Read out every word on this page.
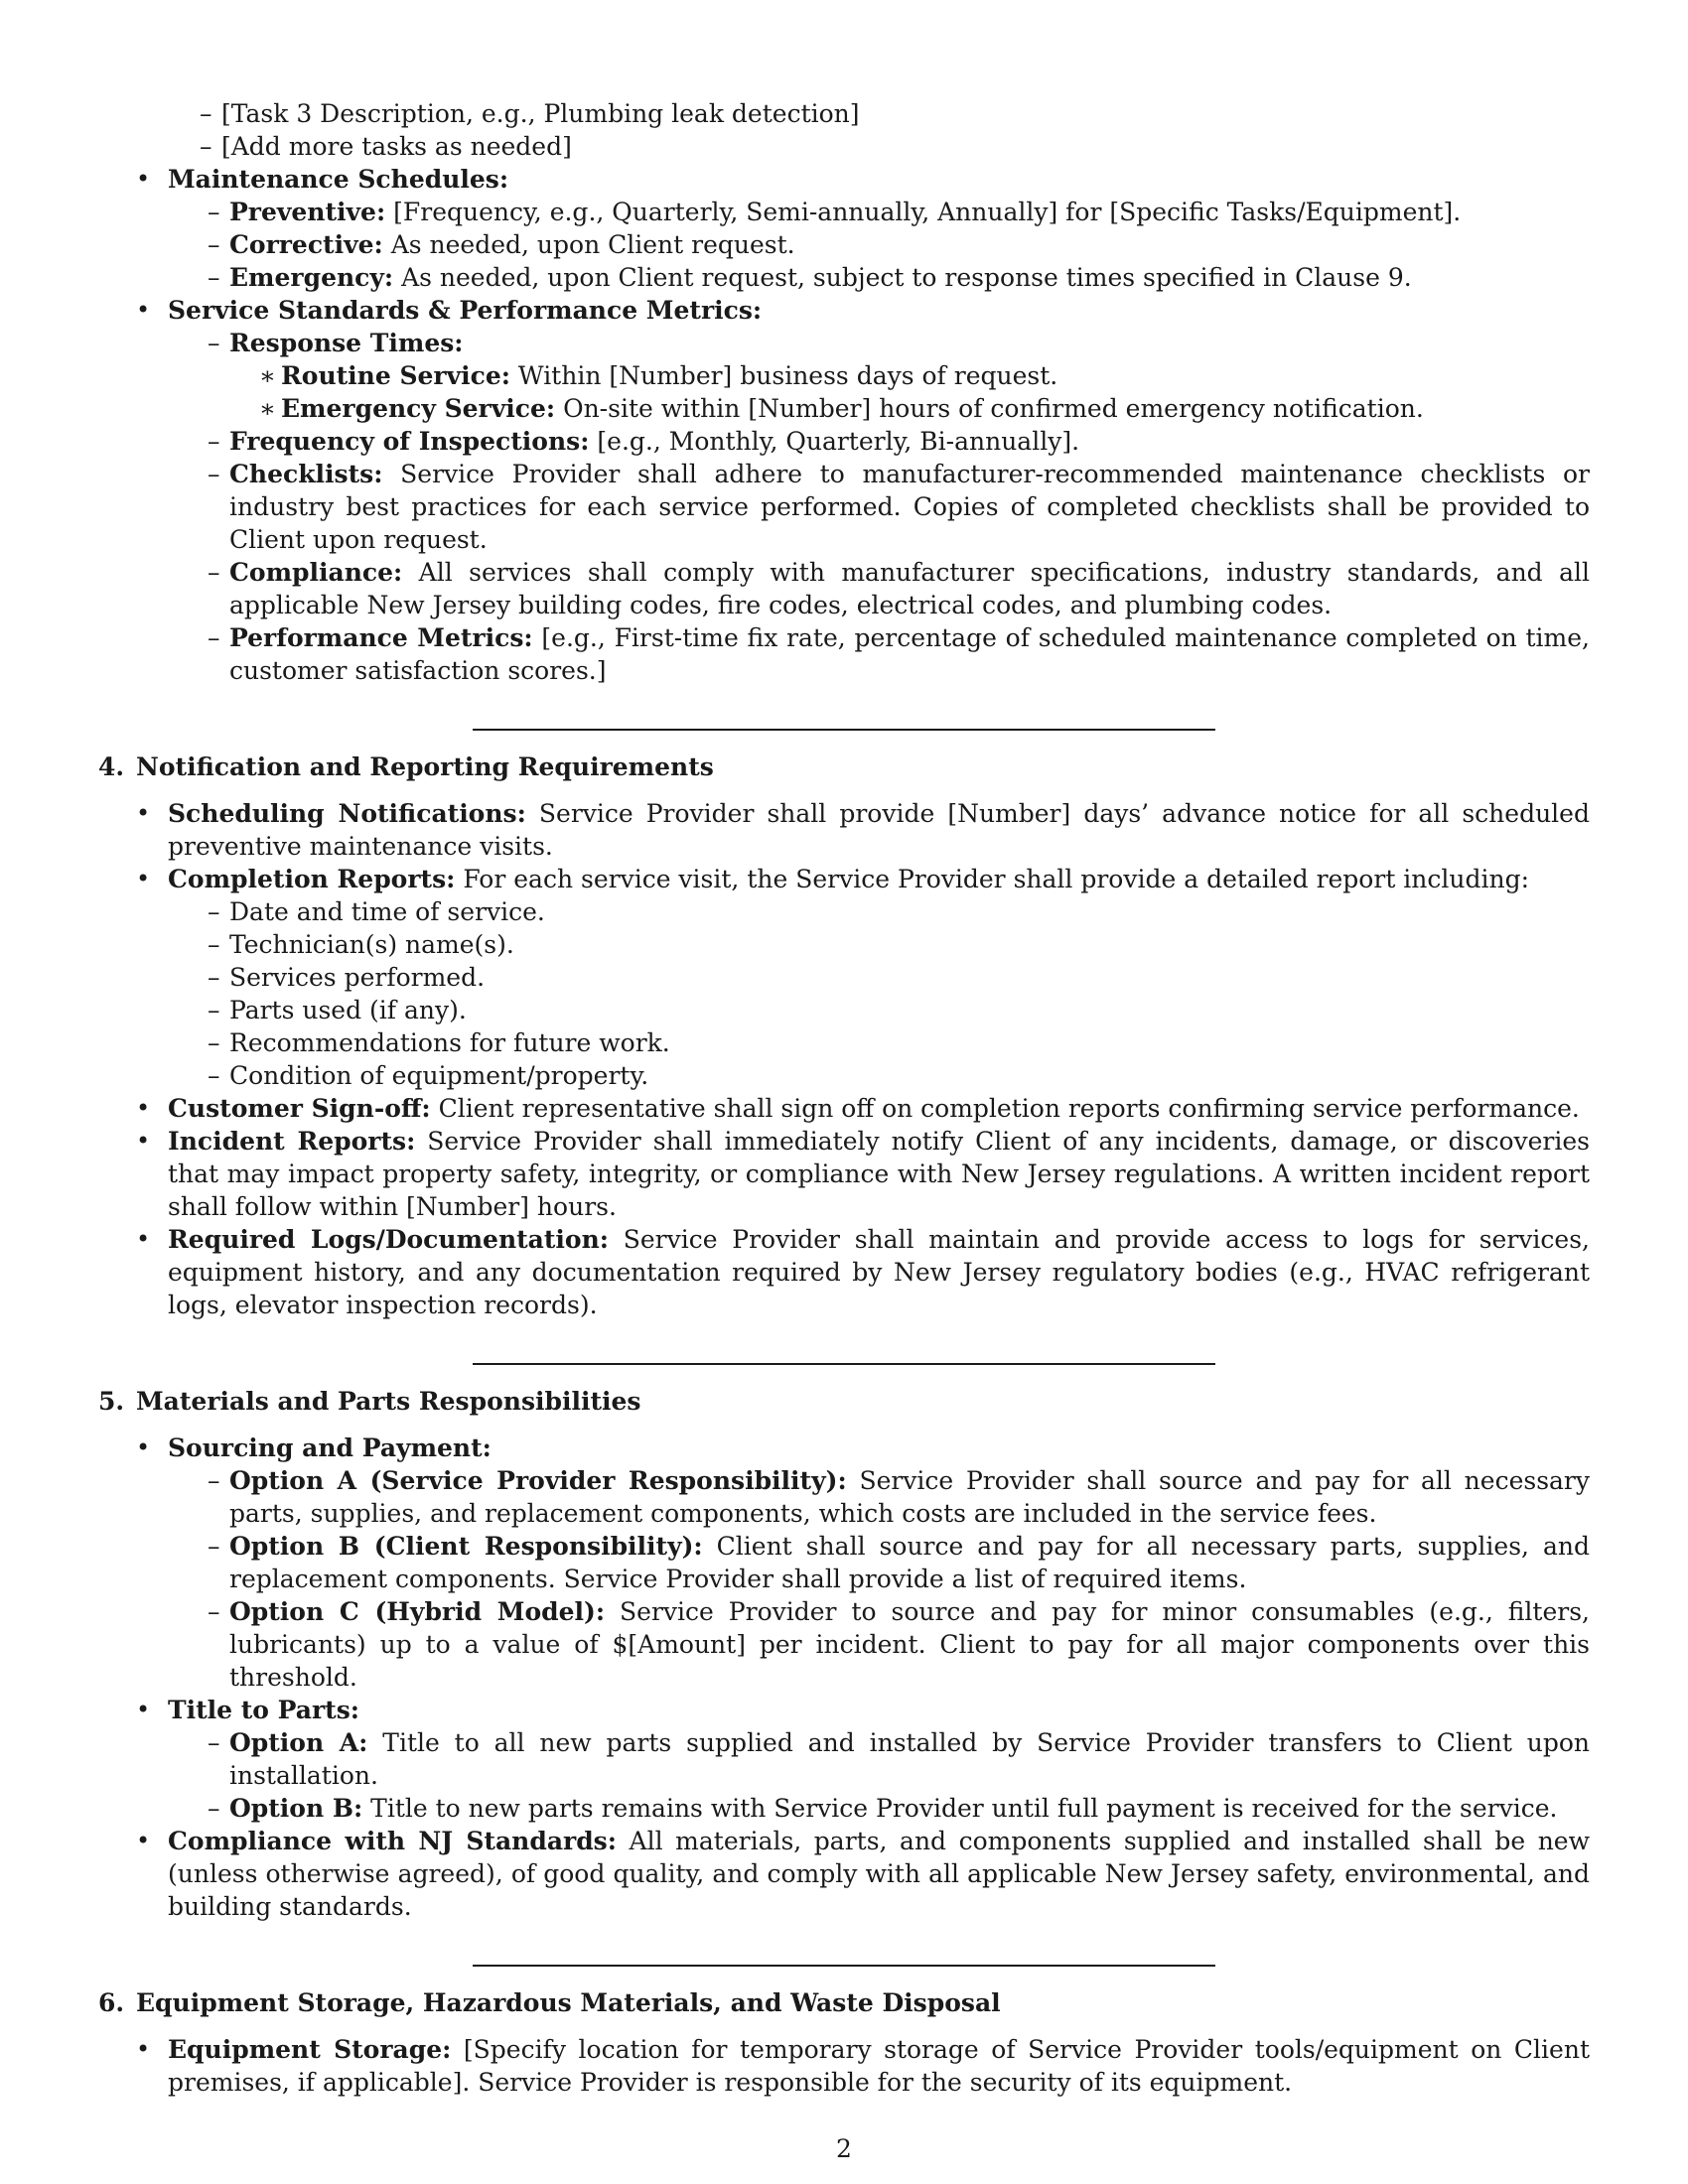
– [Task 3 Description, e.g., Plumbing leak detection]
– [Add more tasks as needed]
• Maintenance Schedules:
– Preventive: [Frequency, e.g., Quarterly, Semi-annually, Annually] for [Specific Tasks/Equipment].
– Corrective: As needed, upon Client request.
– Emergency: As needed, upon Client request, subject to response times specified in Clause 9.
• Service Standards & Performance Metrics:
– Response Times:
∗ Routine Service: Within [Number] business days of request.
∗ Emergency Service: On-site within [Number] hours of confirmed emergency notification.
– Frequency of Inspections: [e.g., Monthly, Quarterly, Bi-annually].
– Checklists: Service Provider shall adhere to manufacturer-recommended maintenance checklists or industry best practices for each service performed. Copies of completed checklists shall be provided to Client upon request.
– Compliance: All services shall comply with manufacturer specifications, industry standards, and all applicable New Jersey building codes, fire codes, electrical codes, and plumbing codes.
– Performance Metrics: [e.g., First-time fix rate, percentage of scheduled maintenance completed on time, customer satisfaction scores.]
4. Notification and Reporting Requirements
• Scheduling Notifications: Service Provider shall provide [Number] days’ advance notice for all scheduled preventive maintenance visits.
• Completion Reports: For each service visit, the Service Provider shall provide a detailed report including:
– Date and time of service.
– Technician(s) name(s).
– Services performed.
– Parts used (if any).
– Recommendations for future work.
– Condition of equipment/property.
• Customer Sign-off: Client representative shall sign off on completion reports confirming service performance.
• Incident Reports: Service Provider shall immediately notify Client of any incidents, damage, or discoveries that may impact property safety, integrity, or compliance with New Jersey regulations. A written incident report shall follow within [Number] hours.
• Required Logs/Documentation: Service Provider shall maintain and provide access to logs for services, equipment history, and any documentation required by New Jersey regulatory bodies (e.g., HVAC refrigerant logs, elevator inspection records).
5. Materials and Parts Responsibilities
• Sourcing and Payment:
– Option A (Service Provider Responsibility): Service Provider shall source and pay for all necessary parts, supplies, and replacement components, which costs are included in the service fees.
– Option B (Client Responsibility): Client shall source and pay for all necessary parts, supplies, and replacement components. Service Provider shall provide a list of required items.
– Option C (Hybrid Model): Service Provider to source and pay for minor consumables (e.g., filters, lubricants) up to a value of $[Amount] per incident. Client to pay for all major components over this threshold.
• Title to Parts:
– Option A: Title to all new parts supplied and installed by Service Provider transfers to Client upon installation.
– Option B: Title to new parts remains with Service Provider until full payment is received for the service.
• Compliance with NJ Standards: All materials, parts, and components supplied and installed shall be new (unless otherwise agreed), of good quality, and comply with all applicable New Jersey safety, environmental, and building standards.
6. Equipment Storage, Hazardous Materials, and Waste Disposal
• Equipment Storage: [Specify location for temporary storage of Service Provider tools/equipment on Client premises, if applicable]. Service Provider is responsible for the security of its equipment.
2
